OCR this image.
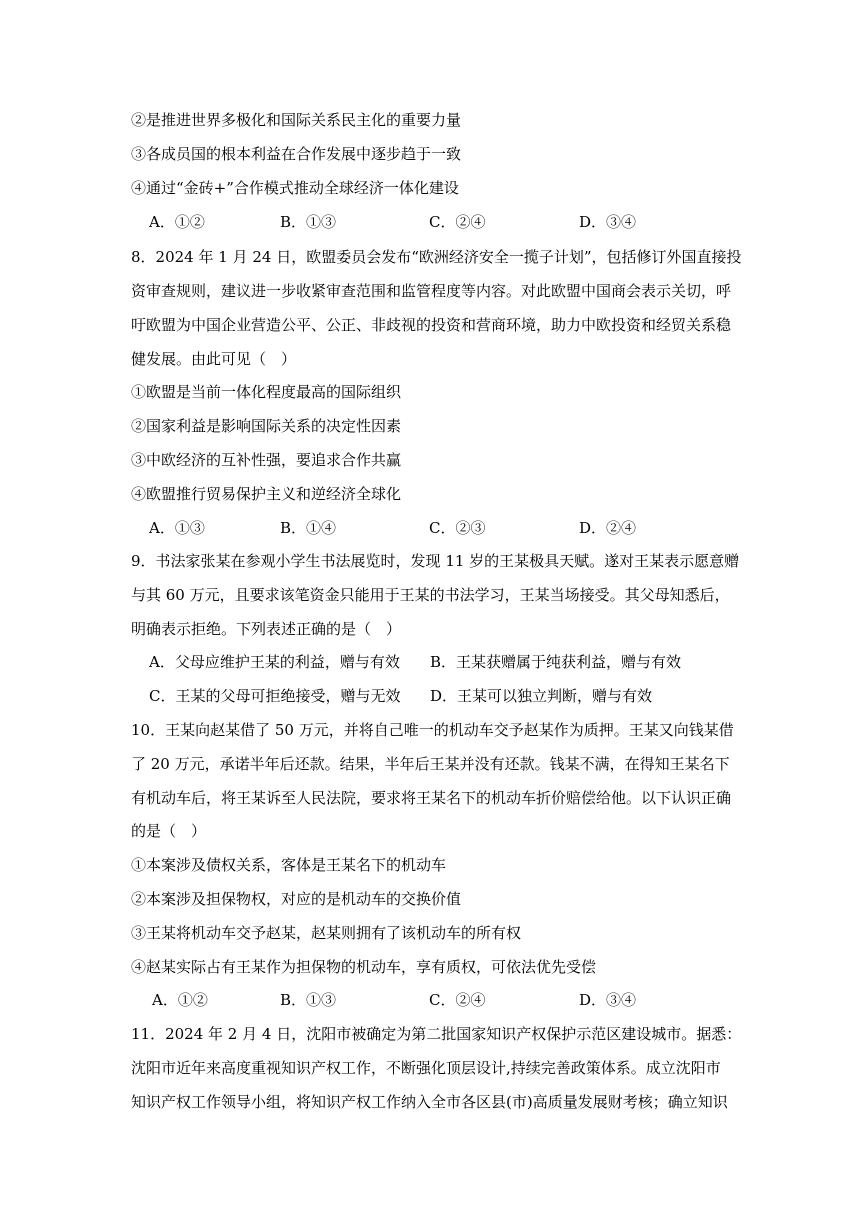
②是推进世界多极化和国际关系民主化的重要力量
③各成员国的根本利益在合作发展中逐步趋于一致
④通过“金砖+”合作模式推动全球经济一体化建设
A．①②	B．①③	C．②④	D．③④
8．2024 年 1 月 24 日，欧盟委员会发布“欧洲经济安全一揽子计划”，包括修订外国直接投
资审查规则，建议进一步收紧审查范围和监管程度等内容。对此欧盟中国商会表示关切，呼
吁欧盟为中国企业营造公平、公正、非歧视的投资和营商环境，助力中欧投资和经贸关系稳
健发展。由此可见（　）
①欧盟是当前一体化程度最高的国际组织
②国家利益是影响国际关系的决定性因素
③中欧经济的互补性强，要追求合作共赢
④欧盟推行贸易保护主义和逆经济全球化
A．①③	B．①④	C．②③	D．②④
9．书法家张某在参观小学生书法展览时，发现 11 岁的王某极具天赋。遂对王某表示愿意赠
与其 60 万元，且要求该笔资金只能用于王某的书法学习，王某当场接受。其父母知悉后，
明确表示拒绝。下列表述正确的是（　）
A．父母应维护王某的利益，赠与有效 B．王某获赠属于纯获利益，赠与有效
C．王某的父母可拒绝接受，赠与无效 D．王某可以独立判断，赠与有效
10．王某向赵某借了 50 万元，并将自己唯一的机动车交予赵某作为质押。王某又向钱某借
了 20 万元，承诺半年后还款。结果，半年后王某并没有还款。钱某不满，在得知王某名下
有机动车后，将王某诉至人民法院，要求将王某名下的机动车折价赔偿给他。以下认识正确
的是（　）
①本案涉及债权关系，客体是王某名下的机动车
②本案涉及担保物权，对应的是机动车的交换价值
③王某将机动车交予赵某，赵某则拥有了该机动车的所有权
④赵某实际占有王某作为担保物的机动车，享有质权，可依法优先受偿
A．①②	B．①③	C．②④	D．③④
11．2024 年 2 月 4 日，沈阳市被确定为第二批国家知识产权保护示范区建设城市。据悉：
沈阳市近年来高度重视知识产权工作，不断强化顶层设计,持续完善政策体系。成立沈阳市
知识产权工作领导小组，将知识产权工作纳入全市各区县(市)高质量发展财考核；确立知识
